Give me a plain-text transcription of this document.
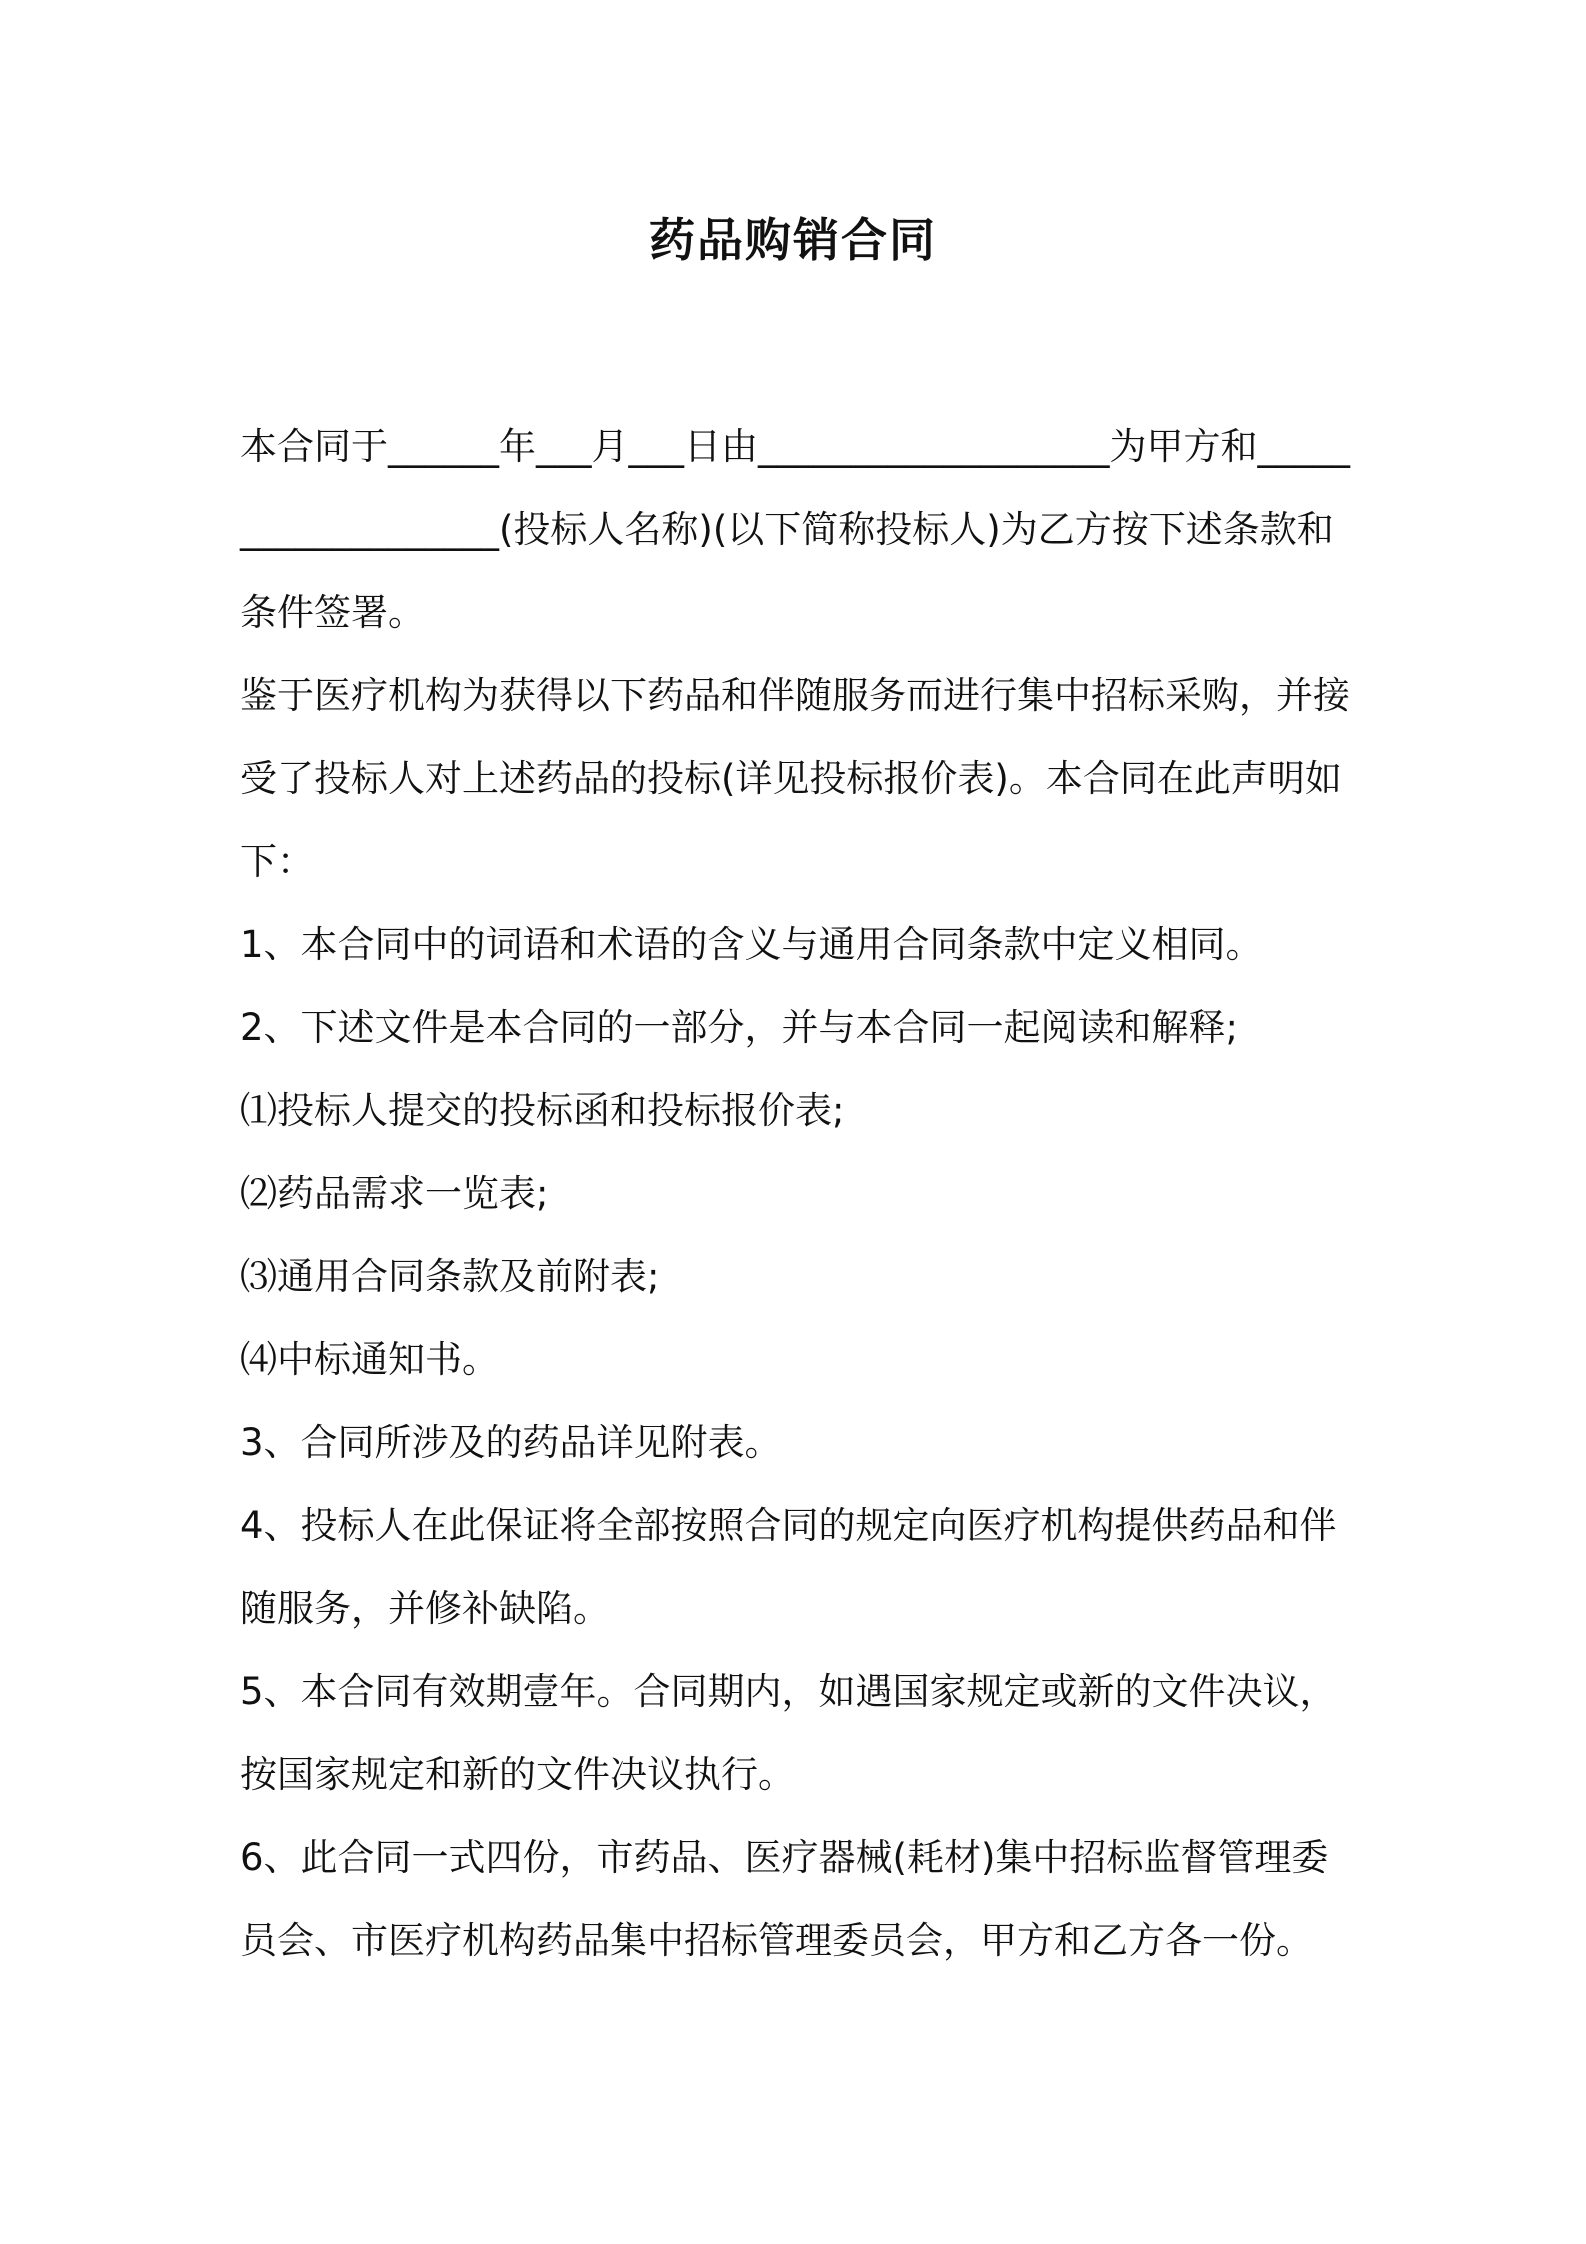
药品购销合同

本合同于______年___月___日由___________________为甲方和___________________(投标人名称)(以下简称投标人)为乙方按下述条款和条件签署。

鉴于医疗机构为获得以下药品和伴随服务而进行集中招标采购，并接受了投标人对上述药品的投标(详见投标报价表)。本合同在此声明如下：

1、本合同中的词语和术语的含义与通用合同条款中定义相同。

2、下述文件是本合同的一部分，并与本合同一起阅读和解释;

⑴投标人提交的投标函和投标报价表;

⑵药品需求一览表;

⑶通用合同条款及前附表;

⑷中标通知书。

3、合同所涉及的药品详见附表。

4、投标人在此保证将全部按照合同的规定向医疗机构提供药品和伴随服务，并修补缺陷。

5、本合同有效期壹年。合同期内，如遇国家规定或新的文件决议，按国家规定和新的文件决议执行。

6、此合同一式四份，市药品、医疗器械(耗材)集中招标监督管理委员会、市医疗机构药品集中招标管理委员会，甲方和乙方各一份。
